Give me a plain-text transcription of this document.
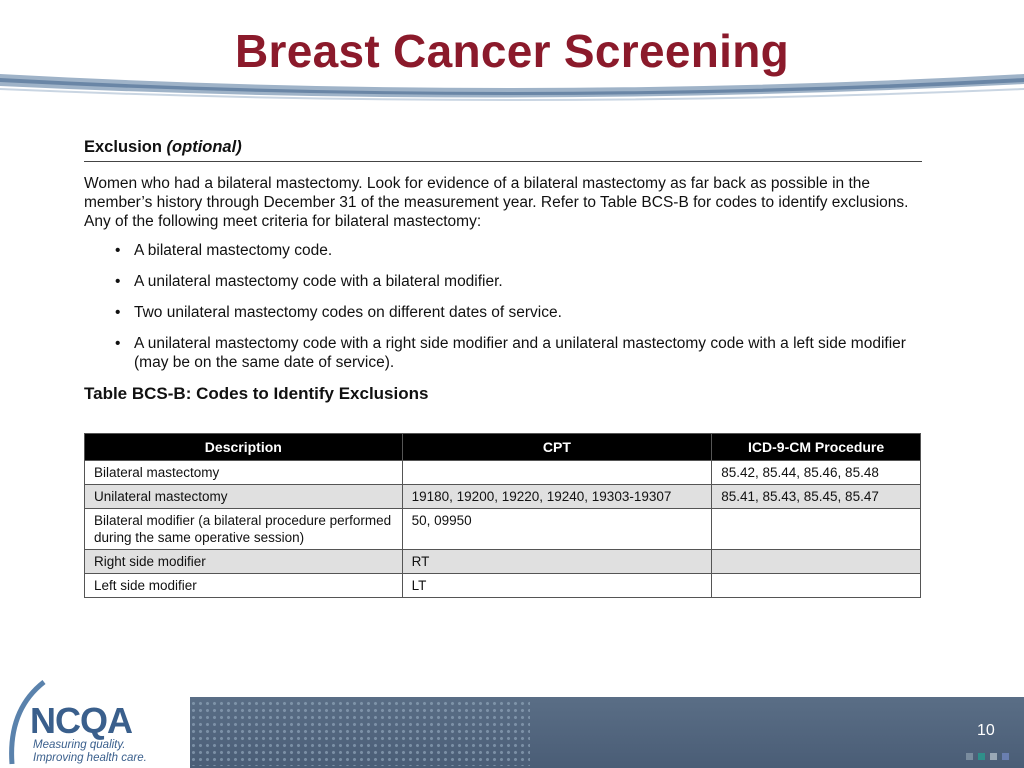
Breast Cancer Screening
Exclusion (optional)
Women who had a bilateral mastectomy. Look for evidence of a bilateral mastectomy as far back as possible in the member’s history through December 31 of the measurement year. Refer to Table BCS-B for codes to identify exclusions. Any of the following meet criteria for bilateral mastectomy:
• A bilateral mastectomy code.
• A unilateral mastectomy code with a bilateral modifier.
• Two unilateral mastectomy codes on different dates of service.
• A unilateral mastectomy code with a right side modifier and a unilateral mastectomy code with a left side modifier (may be on the same date of service).
Table BCS-B: Codes to Identify Exclusions
Description	CPT	ICD-9-CM Procedure
Bilateral mastectomy		85.42, 85.44, 85.46, 85.48
Unilateral mastectomy	19180, 19200, 19220, 19240, 19303-19307	85.41, 85.43, 85.45, 85.47
Bilateral modifier (a bilateral procedure performed during the same operative session)	50, 09950	
Right side modifier	RT	
Left side modifier	LT	
NCQA
Measuring quality.
Improving health care.
10
